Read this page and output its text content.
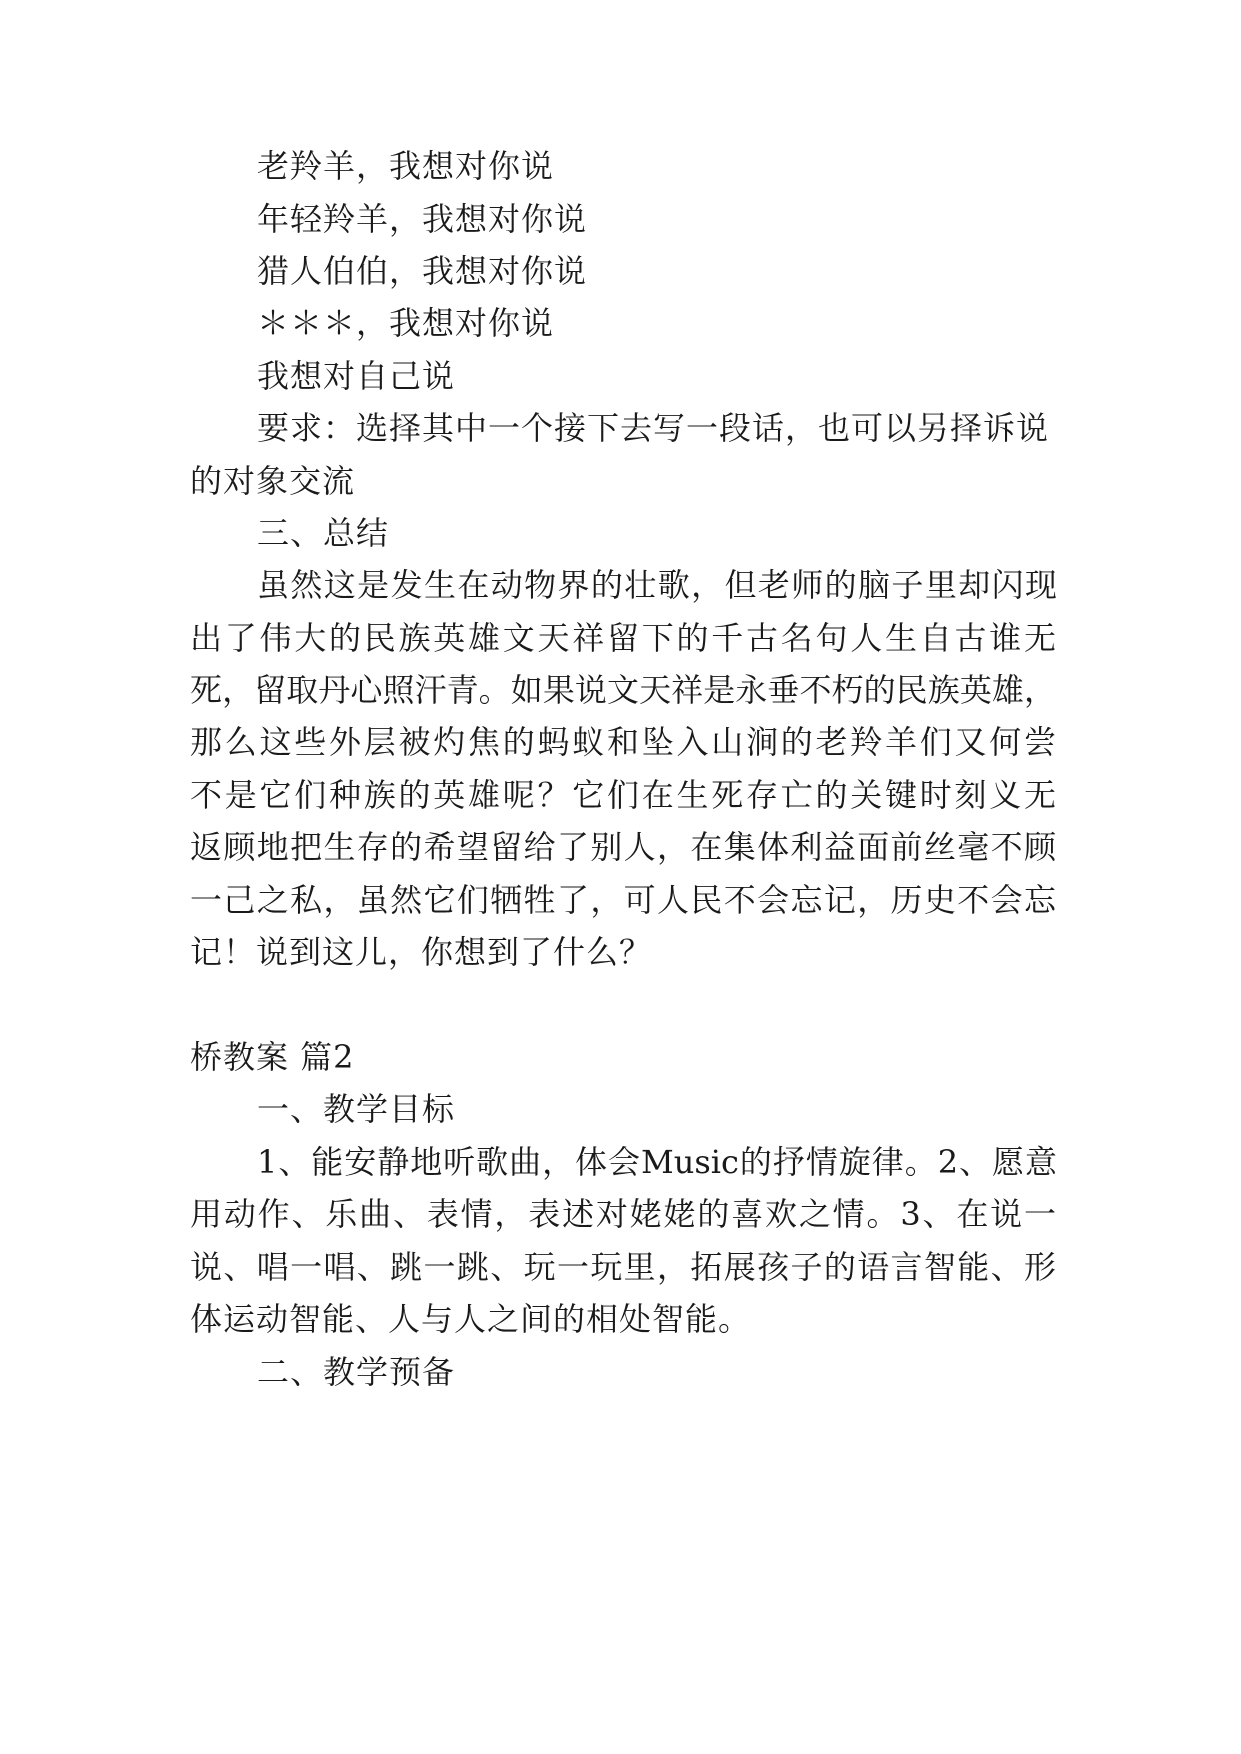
老羚羊，我想对你说
年轻羚羊，我想对你说
猎人伯伯，我想对你说
＊＊＊，我想对你说
我想对自己说
要求：选择其中一个接下去写一段话，也可以另择诉说
的对象交流
三、总结
虽然这是发生在动物界的壮歌，但老师的脑子里却闪现
出了伟大的民族英雄文天祥留下的千古名句人生自古谁无
死，留取丹心照汗青。如果说文天祥是永垂不朽的民族英雄，
那么这些外层被灼焦的蚂蚁和坠入山涧的老羚羊们又何尝
不是它们种族的英雄呢？它们在生死存亡的关键时刻义无
返顾地把生存的希望留给了别人，在集体利益面前丝毫不顾
一己之私，虽然它们牺牲了，可人民不会忘记，历史不会忘
记！说到这儿，你想到了什么？
桥教案 篇2
一、教学目标
1、能安静地听歌曲，体会Music的抒情旋律。2、愿意
用动作、乐曲、表情，表述对姥姥的喜欢之情。3、在说一
说、唱一唱、跳一跳、玩一玩里，拓展孩子的语言智能、形
体运动智能、人与人之间的相处智能。
二、教学预备
